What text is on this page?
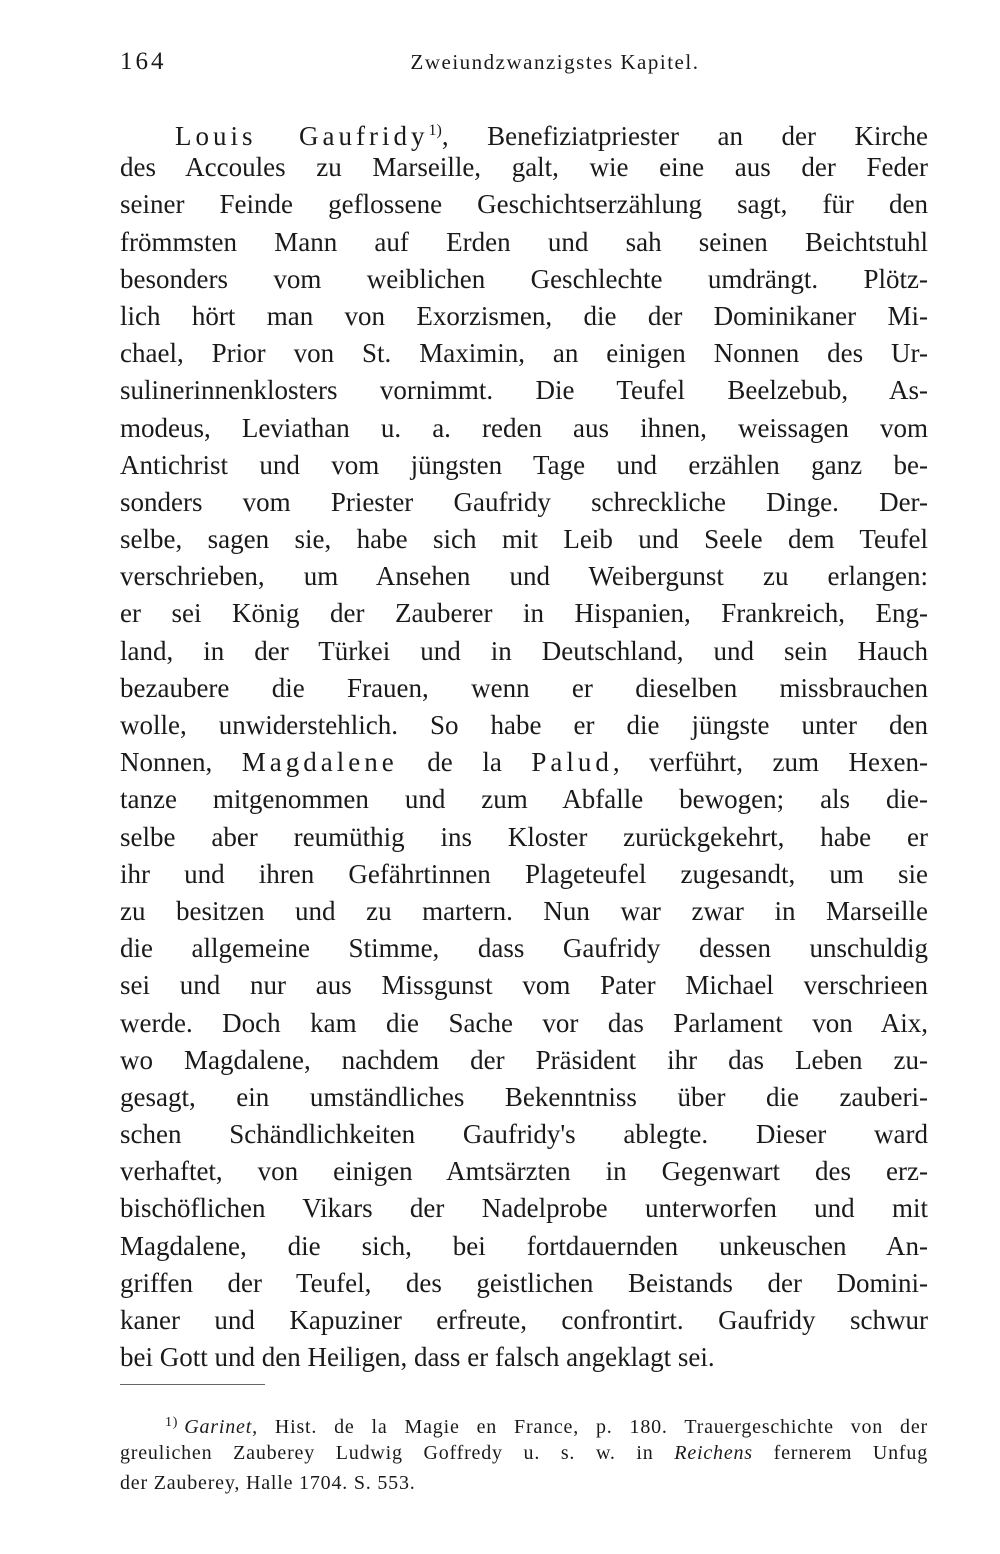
164	Zweiundzwanzigstes Kapitel.
Louis Gaufridy$^{1)}$, Benefiziatpriester an der Kirche
des Accoules zu Marseille, galt, wie eine aus der Feder
seiner Feinde geflossene Geschichtserzählung sagt, für den
frömmsten Mann auf Erden und sah seinen Beichtstuhl
besonders vom weiblichen Geschlechte umdrängt. Plötz-
lich hört man von Exorzismen, die der Dominikaner Mi-
chael, Prior von St. Maximin, an einigen Nonnen des Ur-
sulinerinnenklosters vornimmt. Die Teufel Beelzebub, As-
modeus, Leviathan u. a. reden aus ihnen, weissagen vom
Antichrist und vom jüngsten Tage und erzählen ganz be-
sonders vom Priester Gaufridy schreckliche Dinge. Der-
selbe, sagen sie, habe sich mit Leib und Seele dem Teufel
verschrieben, um Ansehen und Weibergunst zu erlangen:
er sei König der Zauberer in Hispanien, Frankreich, Eng-
land, in der Türkei und in Deutschland, und sein Hauch
bezaubere die Frauen, wenn er dieselben missbrauchen
wolle, unwiderstehlich. So habe er die jüngste unter den
Nonnen, Magdalene de la Palud, verführt, zum Hexen-
tanze mitgenommen und zum Abfalle bewogen; als die-
selbe aber reumüthig ins Kloster zurückgekehrt, habe er
ihr und ihren Gefährtinnen Plageteufel zugesandt, um sie
zu besitzen und zu martern. Nun war zwar in Marseille
die allgemeine Stimme, dass Gaufridy dessen unschuldig
sei und nur aus Missgunst vom Pater Michael verschrieen
werde. Doch kam die Sache vor das Parlament von Aix,
wo Magdalene, nachdem der Präsident ihr das Leben zu-
gesagt, ein umständliches Bekenntniss über die zauberi-
schen Schändlichkeiten Gaufridy's ablegte. Dieser ward
verhaftet, von einigen Amtsärzten in Gegenwart des erz-
bischöflichen Vikars der Nadelprobe unterworfen und mit
Magdalene, die sich, bei fortdauernden unkeuschen An-
griffen der Teufel, des geistlichen Beistands der Domini-
kaner und Kapuziner erfreute, confrontirt. Gaufridy schwur
bei Gott und den Heiligen, dass er falsch angeklagt sei.
$^{1)}$ Garinet, Hist. de la Magie en France, p. 180. Trauergeschichte von der
greulichen Zauberey Ludwig Goffredy u. s. w. in Reichens fernerem Unfug
der Zauberey, Halle 1704. S. 553.
